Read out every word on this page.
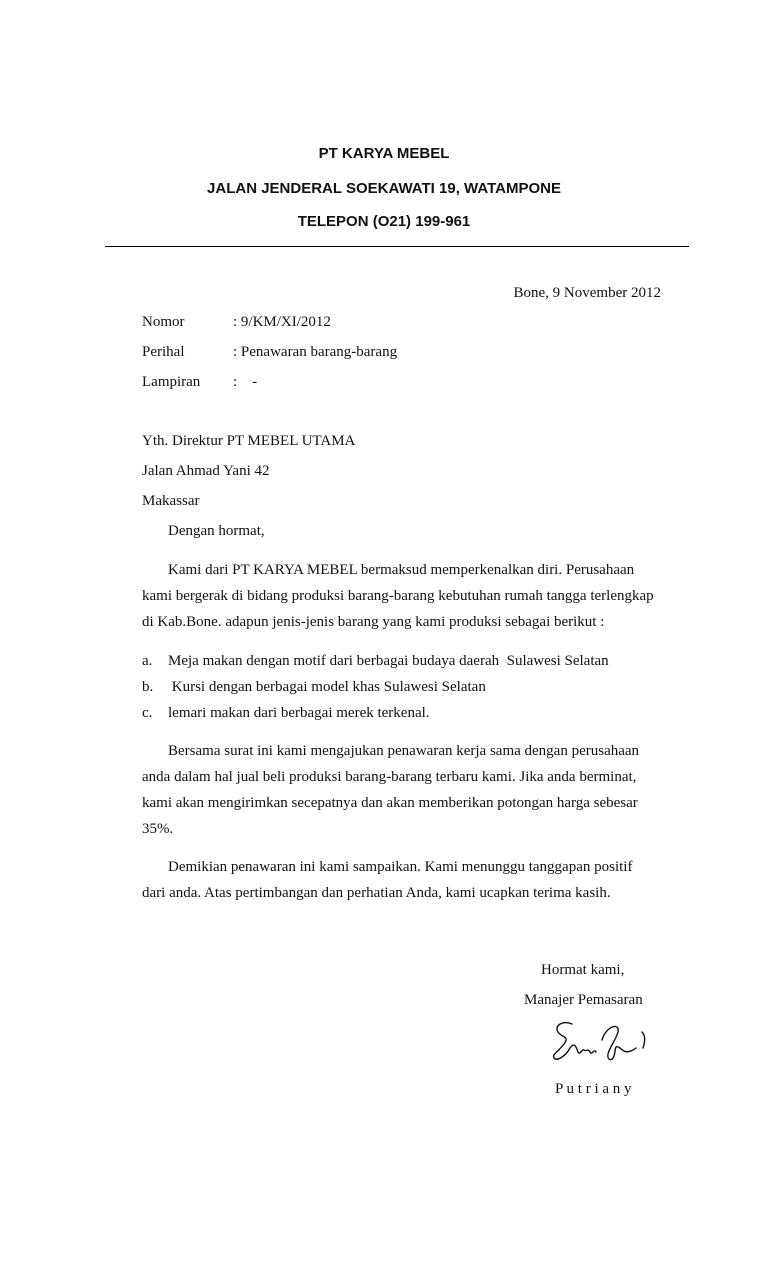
PT KARYA MEBEL
JALAN JENDERAL SOEKAWATI 19, WATAMPONE
TELEPON (O21) 199-961
Bone, 9 November 2012
Nomor	: 9/KM/XI/2012
Perihal	: Penawaran barang-barang
Lampiran :    -
Yth. Direktur PT MEBEL UTAMA
Jalan Ahmad Yani 42
Makassar
Dengan hormat,
Kami dari PT KARYA MEBEL bermaksud memperkenalkan diri. Perusahaan
kami bergerak di bidang produksi barang-barang kebutuhan rumah tangga terlengkap
di Kab.Bone. adapun jenis-jenis barang yang kami produksi sebagai berikut :
a. Meja makan dengan motif dari berbagai budaya daerah  Sulawesi Selatan
b. Kursi dengan berbagai model khas Sulawesi Selatan
c. lemari makan dari berbagai merek terkenal.
Bersama surat ini kami mengajukan penawaran kerja sama dengan perusahaan
anda dalam hal jual beli produksi barang-barang terbaru kami. Jika anda berminat,
kami akan mengirimkan secepatnya dan akan memberikan potongan harga sebesar
35%.
Demikian penawaran ini kami sampaikan. Kami menunggu tanggapan positif
dari anda. Atas pertimbangan dan perhatian Anda, kami ucapkan terima kasih.
Hormat kami,
Manajer Pemasaran
P u t r i a n y
